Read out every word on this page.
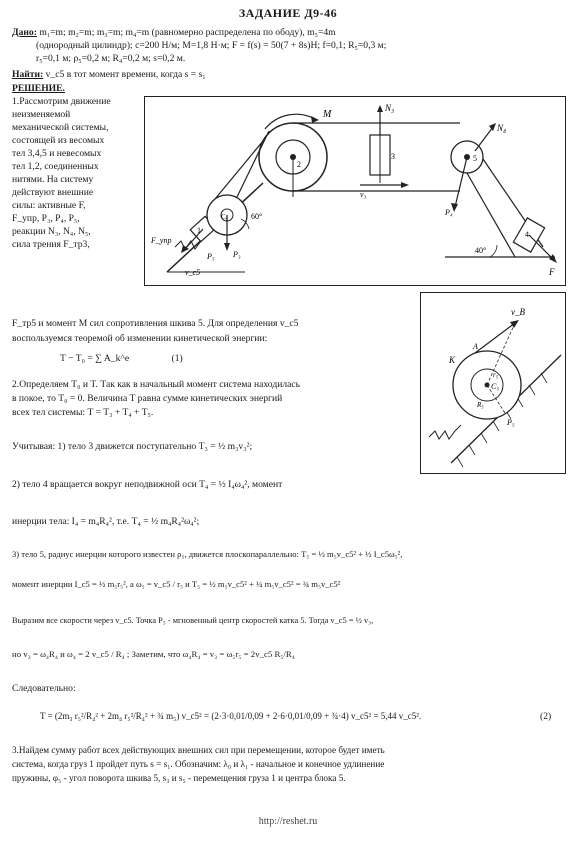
ЗАДАНИЕ Д9-46
Дано: m₁=m; m₂=m; m₃=m; m₄=m (равномерно распределена по ободу), m₅=4m
(однородный цилиндр); c=200 Н/м; M=1,8 Н·м; F = f(s) = 50(7 + 8s)Н; f=0,1; R₅=0,3 м;
r₅=0,1 м; ρ₅=0,2 м; R₄=0,2 м; s=0,2 м.
Найти: v_c5 в тот момент времени, когда s = s₁
РЕШЕНИЕ.
1.Рассмотрим движение
неизменяемой
механической системы,
состоящей из весомых
тел 3,4,5 и невесомых
тел 1,2, соединенных
нитями. На систему
действуют внешние
силы: активные F,
F_упр, P₃, P₄, P₅,
реакции N₃, N₄, N₅,
сила трения F_тр3,
M
N₃
N₄
F_упр
v_c5
P₃
P₄
P₅
F
v₃
60°
40°
1
2
3
4
5
C₅
v_B
K
A
C₅
P₅
r₅
R₅
F_тр5 и момент M сил сопротивления шкива 5. Для определения v_c5
воспользуемся теоремой об изменении кинетической энергии:
T − T₀ = ∑ A_k^e	(1)
2.Определяем T₀ и T. Так как в начальный момент система находилась
в покое, то T₀ = 0. Величина T равна сумме кинетических энергий
всех тел системы: T = T₃ + T₄ + T₅.
Учитывая: 1) тело 3 движется поступательно T₃ = ½ m₃v₃²;
2) тело 4 вращается вокруг неподвижной оси T₄ = ½ I₄ω₄², момент
инерции тела: I₄ = m₄R₄², т.е. T₄ = ½ m₄R₄²ω₄²;
3) тело 5, радиус инерции которого известен ρ₅, движется плоскопараллельно: T₅ = ½ m₅v_c5² + ½ I_c5ω₅²,
момент инерции I_c5 = ½ m₅r₅², а ω₅ = v_c5 / r₅ и T₅ = ½ m₅v_c5² + ¼ m₅v_c5² = ¾ m₅v_c5²
Выразим все скорости через v_c5. Точка P₅ - мгновенный центр скоростей катка 5. Тогда v_c5 = ½ v₃,
но v₃ = ω₄R₄ и ω₄ = 2 v_c5 / R₄ ; Заметим, что ω₄R₄ = v₃ = ω₅r₅ = 2v_c5 R₅/R₄
Следовательно:
T = (2m₃ r₅²/R₄² + 2m₄ r₅²/R₄² + ¾ m₅) v_c5² = (2·3·0,01/0,09 + 2·6·0,01/0,09 + ¾·4) v_c5² = 5,44 v_c5².	(2)
3.Найдем сумму работ всех действующих внешних сил при перемещении, которое будет иметь
система, когда груз 1 пройдет путь s = s₁. Обозначим: λ₀ и λ₁ - начальное и конечное удлинение
пружины, φ₅ - угол поворота шкива 5, s₃ и s₅ - перемещения груза 1 и центра блока 5.
http://reshet.ru
